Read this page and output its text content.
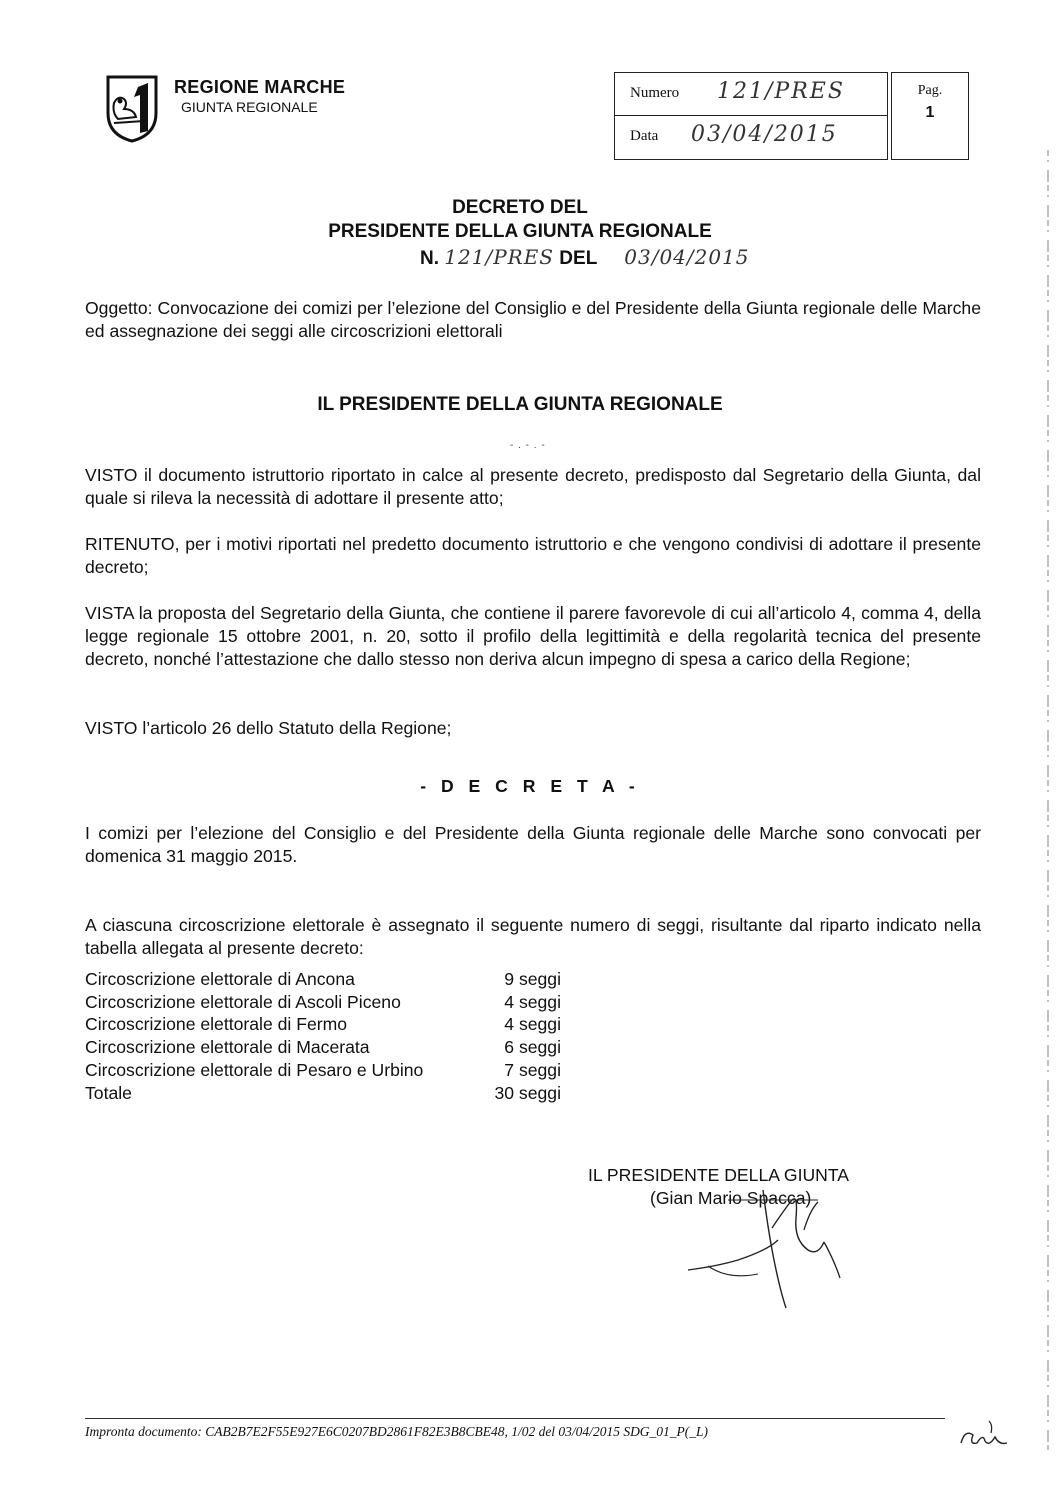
REGIONE MARCHE
GIUNTA REGIONALE
Numero 121/PRES
Data 03/04/2015
Pag.
1
DECRETO DEL
PRESIDENTE DELLA GIUNTA REGIONALE
N. 121/PRES DEL 03/04/2015
Oggetto: Convocazione dei comizi per l’elezione del Consiglio e del Presidente della Giunta regionale delle Marche ed assegnazione dei seggi alle circoscrizioni elettorali
IL PRESIDENTE DELLA GIUNTA REGIONALE
- . - . -
VISTO il documento istruttorio riportato in calce al presente decreto, predisposto dal Segretario della Giunta, dal quale si rileva la necessità di adottare il presente atto;
RITENUTO, per i motivi riportati nel predetto documento istruttorio e che vengono condivisi di adottare il presente decreto;
VISTA la proposta del Segretario della Giunta, che contiene il parere favorevole di cui all’articolo 4, comma 4, della legge regionale 15 ottobre 2001, n. 20, sotto il profilo della legittimità e della regolarità tecnica del presente decreto, nonché l’attestazione che dallo stesso non deriva alcun impegno di spesa a carico della Regione;
VISTO l’articolo 26 dello Statuto della Regione;
- D E C R E T A -
I comizi per l’elezione del Consiglio e del Presidente della Giunta regionale delle Marche sono convocati per domenica 31 maggio 2015.
A ciascuna circoscrizione elettorale è assegnato il seguente numero di seggi, risultante dal riparto indicato nella tabella allegata al presente decreto:
Circoscrizione elettorale di Ancona	9 seggi
Circoscrizione elettorale di Ascoli Piceno	4 seggi
Circoscrizione elettorale di Fermo	4 seggi
Circoscrizione elettorale di Macerata	6 seggi
Circoscrizione elettorale di Pesaro e Urbino	7 seggi
Totale	30 seggi
IL PRESIDENTE DELLA GIUNTA
(Gian Mario Spacca)
Impronta documento: CAB2B7E2F55E927E6C0207BD2861F82E3B8CBE48, 1/02 del 03/04/2015 SDG_01_P(_L)
